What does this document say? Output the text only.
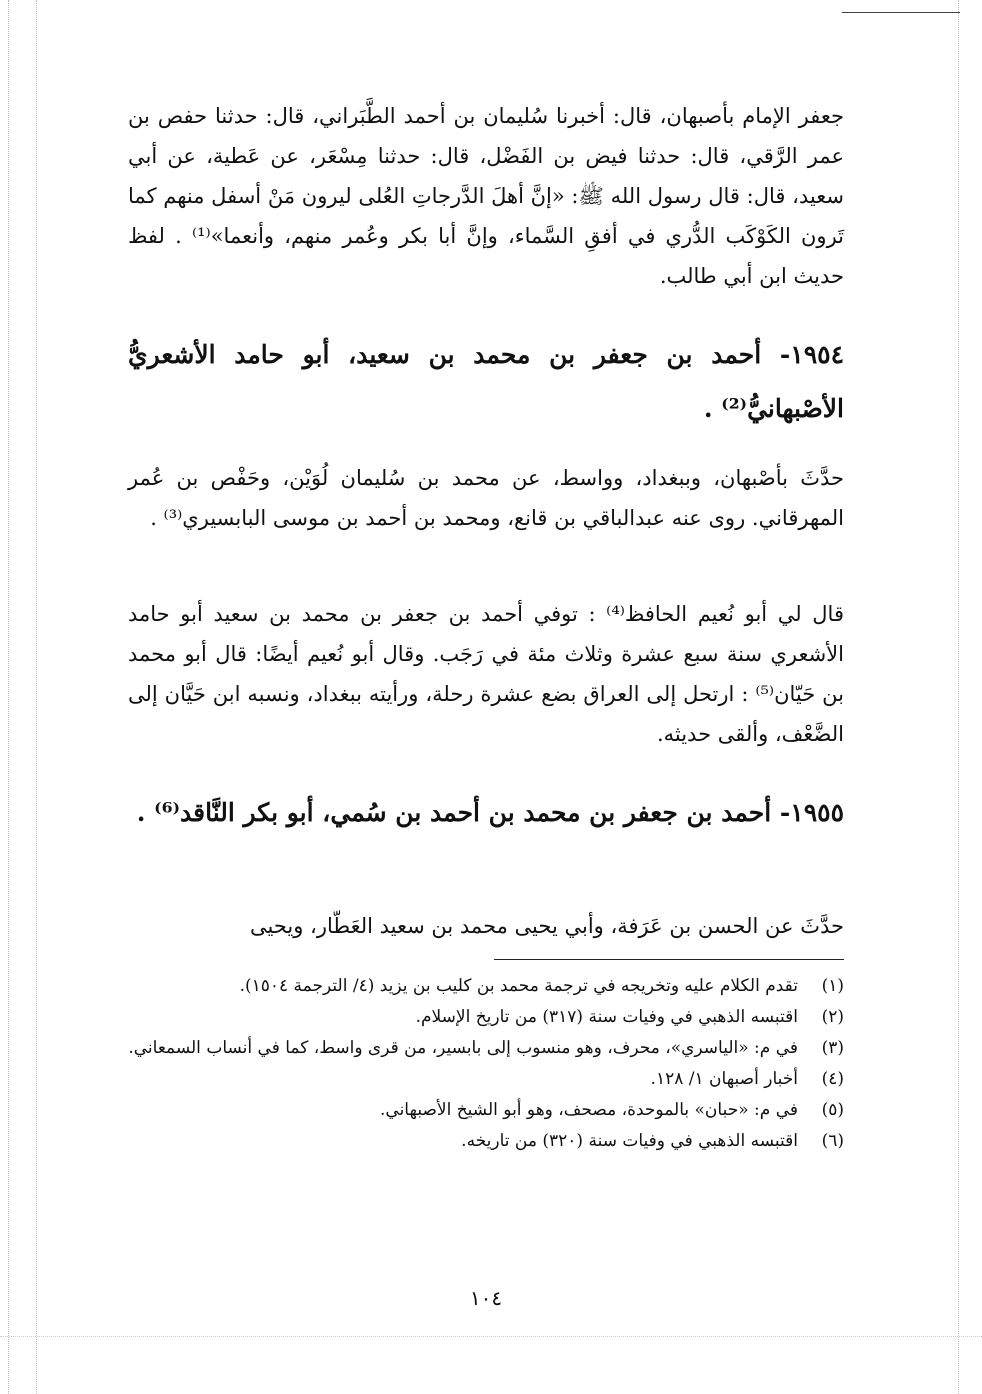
جعفر الإمام بأصبهان، قال: أخبرنا سُليمان بن أحمد الطَّبَراني، قال: حدثنا حفص بن عمر الرَّقي، قال: حدثنا فيض بن الفَضْل، قال: حدثنا مِسْعَر، عن عَطية، عن أبي سعيد، قال: قال رسول الله ﷺ: «إنَّ أهلَ الدَّرجاتِ العُلى ليرون مَنْ أسفل منهم كما تَرون الكَوْكَب الدُّري في أفقِ السَّماء، وإنَّ أبا بكر وعُمر منهم، وأنعما»⁽¹⁾ . لفظ حديث ابن أبي طالب.
١٩٥٤- أحمد بن جعفر بن محمد بن سعيد، أبو حامد الأشعريُّ الأصْبهانيُّ⁽²⁾ .
حدَّثَ بأصْبهان، وببغداد، وواسط، عن محمد بن سُليمان لُوَيْن، وحَفْص بن عُمر المهرقاني. روى عنه عبدالباقي بن قانع، ومحمد بن أحمد بن موسى البابسيري⁽³⁾ .
قال لي أبو نُعيم الحافظ⁽⁴⁾ : توفي أحمد بن جعفر بن محمد بن سعيد أبو حامد الأشعري سنة سبع عشرة وثلاث مئة في رَجَب. وقال أبو نُعيم أيضًا: قال أبو محمد بن حَيّان⁽⁵⁾ : ارتحل إلى العراق بضع عشرة رحلة، ورأيته ببغداد، ونسبه ابن حَيَّان إلى الضَّعْف، وألقى حديثه.
١٩٥٥- أحمد بن جعفر بن محمد بن أحمد بن سُمي، أبو بكر النَّاقد⁽⁶⁾ .
حدَّثَ عن الحسن بن عَرَفة، وأبي يحيى محمد بن سعيد العَطّار، ويحيى
(١)
تقدم الكلام عليه وتخريجه في ترجمة محمد بن كليب بن يزيد (٤/ الترجمة ١٥٠٤).
(٢)
اقتبسه الذهبي في وفيات سنة (٣١٧) من تاريخ الإسلام.
(٣)
في م: «الياسري»، محرف، وهو منسوب إلى بابسير، من قرى واسط، كما في أنساب السمعاني.
(٤)
أخبار أصبهان ١/ ١٢٨.
(٥)
في م: «حبان» بالموحدة، مصحف، وهو أبو الشيخ الأصبهاني.
(٦)
اقتبسه الذهبي في وفيات سنة (٣٢٠) من تاريخه.
١٠٤
